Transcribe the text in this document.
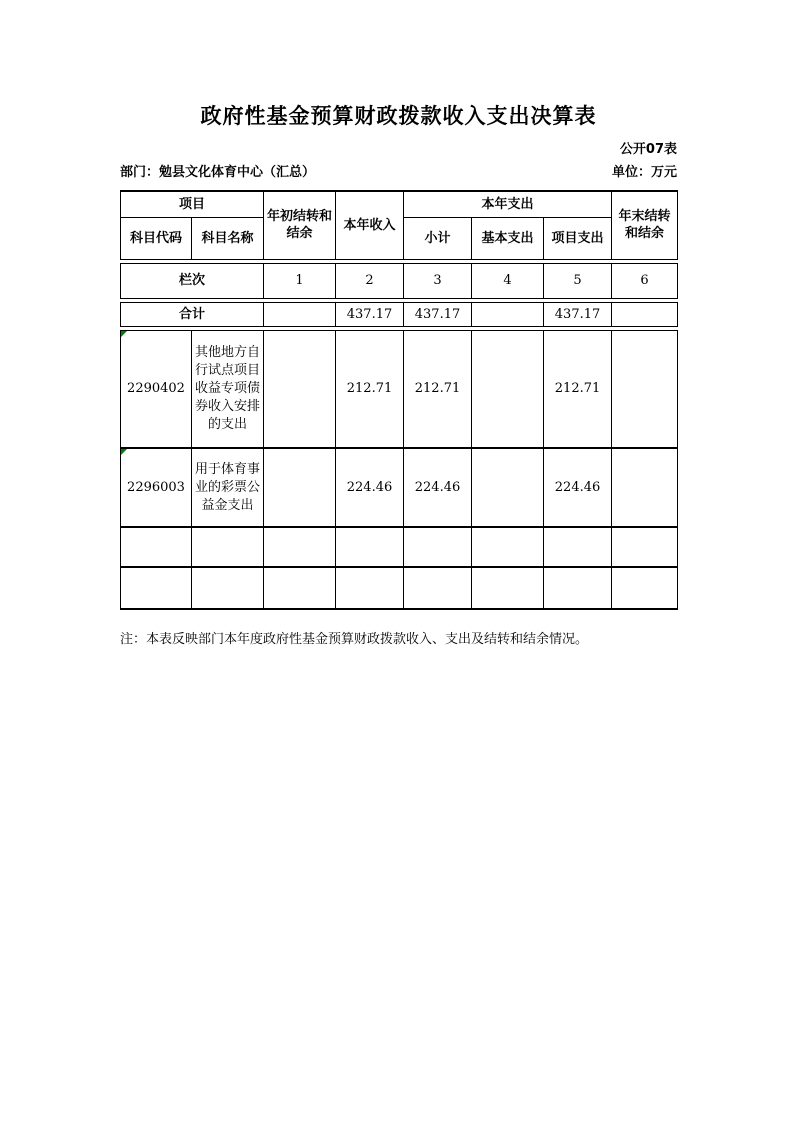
政府性基金预算财政拨款收入支出决算表
公开07表
部门：勉县文化体育中心（汇总）	单位：万元
项目		年初结转和结余	本年收入	本年支出			年末结转和结余
科目代码	科目名称			小计	基本支出	项目支出	

栏次		1	2	3	4	5	6

合计			437.17	437.17		437.17	

2290402	其他地方自行试点项目收益专项债券收入安排的支出		212.71	212.71		212.71	

2296003	用于体育事业的彩票公益金支出		224.46	224.46		224.46	

注：本表反映部门本年度政府性基金预算财政拨款收入、支出及结转和结余情况。
